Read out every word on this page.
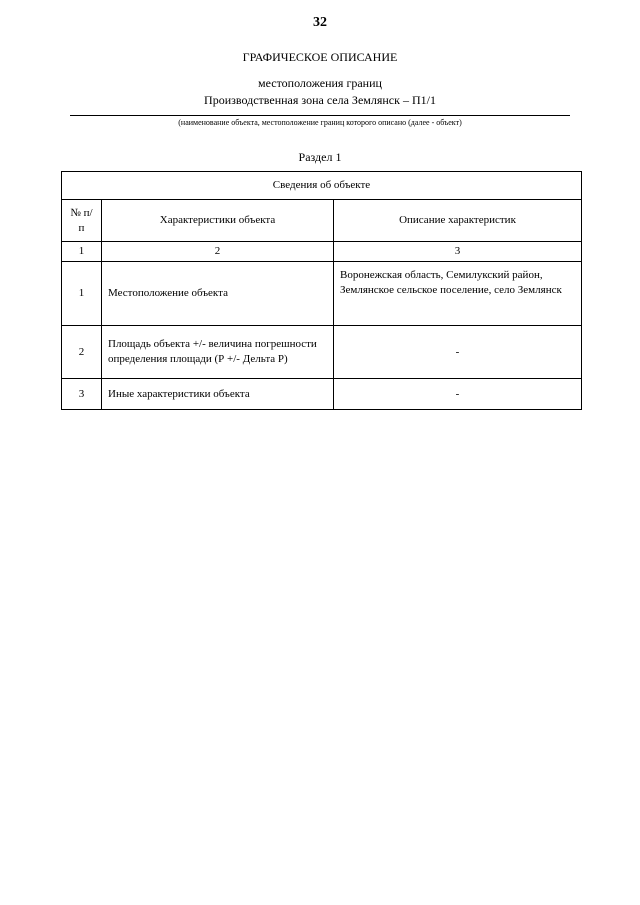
32
ГРАФИЧЕСКОЕ ОПИСАНИЕ
местоположения границ
Производственная зона села Землянск – П1/1
(наименование объекта, местоположение границ которого описано (далее - объект)
Раздел 1
Сведения об объекте		
№ п/п	Характеристики объекта	Описание характеристик
1	2	3
1	Местоположение объекта	Воронежская область, Семилукский район, Землянское сельское поселение, село Землянск
2	Площадь объекта +/- величина погрешности определения площади (Р +/- Дельта Р)	-
3	Иные характеристики объекта	-
